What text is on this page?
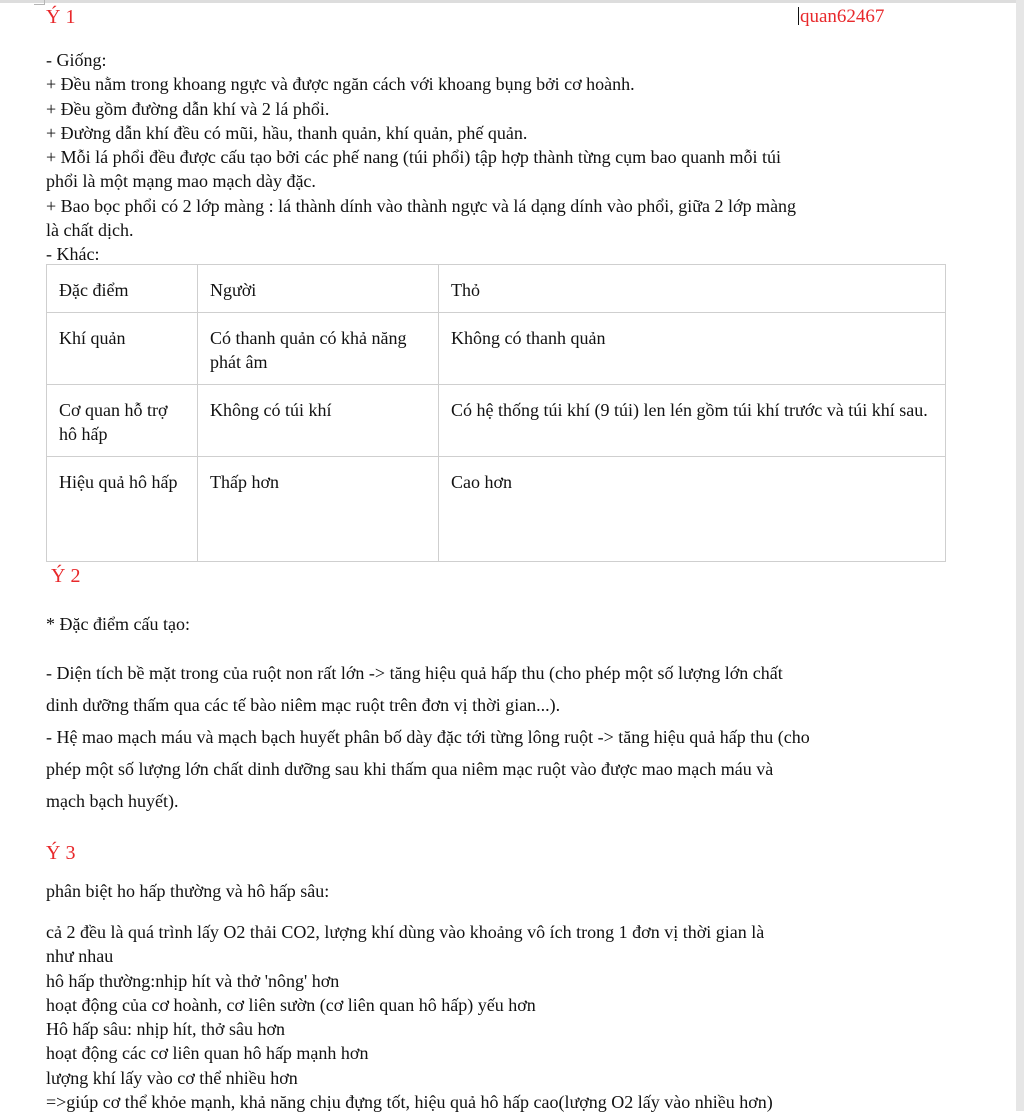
Ý 1	quan62467
- Giống:
+ Đều nằm trong khoang ngực và được ngăn cách với khoang bụng bởi cơ hoành.
+ Đều gồm đường dẫn khí và 2 lá phổi.
+ Đường dẫn khí đều có mũi, hầu, thanh quản, khí quản, phế quản.
+ Mỗi lá phổi đều được cấu tạo bởi các phế nang (túi phổi) tập hợp thành từng cụm bao quanh mỗi túi
phổi là một mạng mao mạch dày đặc.
+ Bao bọc phổi có 2 lớp màng : lá thành dính vào thành ngực và lá dạng dính vào phổi, giữa 2 lớp màng
là chất dịch.
- Khác:
Đặc điểm	Người	Thỏ
Khí quản	Có thanh quản có khả năng phát âm	Không có thanh quản
Cơ quan hỗ trợ hô hấp	Không có túi khí	Có hệ thống túi khí (9 túi) len lén gồm túi khí trước và túi khí sau.
Hiệu quả hô hấp	Thấp hơn	Cao hơn
Ý 2
* Đặc điểm cấu tạo:
- Diện tích bề mặt trong của ruột non rất lớn -> tăng hiệu quả hấp thu (cho phép một số lượng lớn chất
dinh dưỡng thấm qua các tế bào niêm mạc ruột trên đơn vị thời gian...).
- Hệ mao mạch máu và mạch bạch huyết phân bố dày đặc tới từng lông ruột -> tăng hiệu quả hấp thu (cho
phép một số lượng lớn chất dinh dưỡng sau khi thấm qua niêm mạc ruột vào được mao mạch máu và
mạch bạch huyết).
Ý 3
phân biệt ho hấp thường và hô hấp sâu:
cả 2 đều là quá trình lấy O2 thải CO2, lượng khí dùng vào khoảng vô ích trong 1 đơn vị thời gian là
như nhau
hô hấp thường:nhịp hít và thở 'nông' hơn
hoạt động của cơ hoành, cơ liên sườn (cơ liên quan hô hấp) yếu hơn
Hô hấp sâu: nhịp hít, thở sâu hơn
hoạt động các cơ liên quan hô hấp mạnh hơn
lượng khí lấy vào cơ thể nhiều hơn
=>giúp cơ thể khỏe mạnh, khả năng chịu đựng tốt, hiệu quả hô hấp cao(lượng O2 lấy vào nhiều hơn)
